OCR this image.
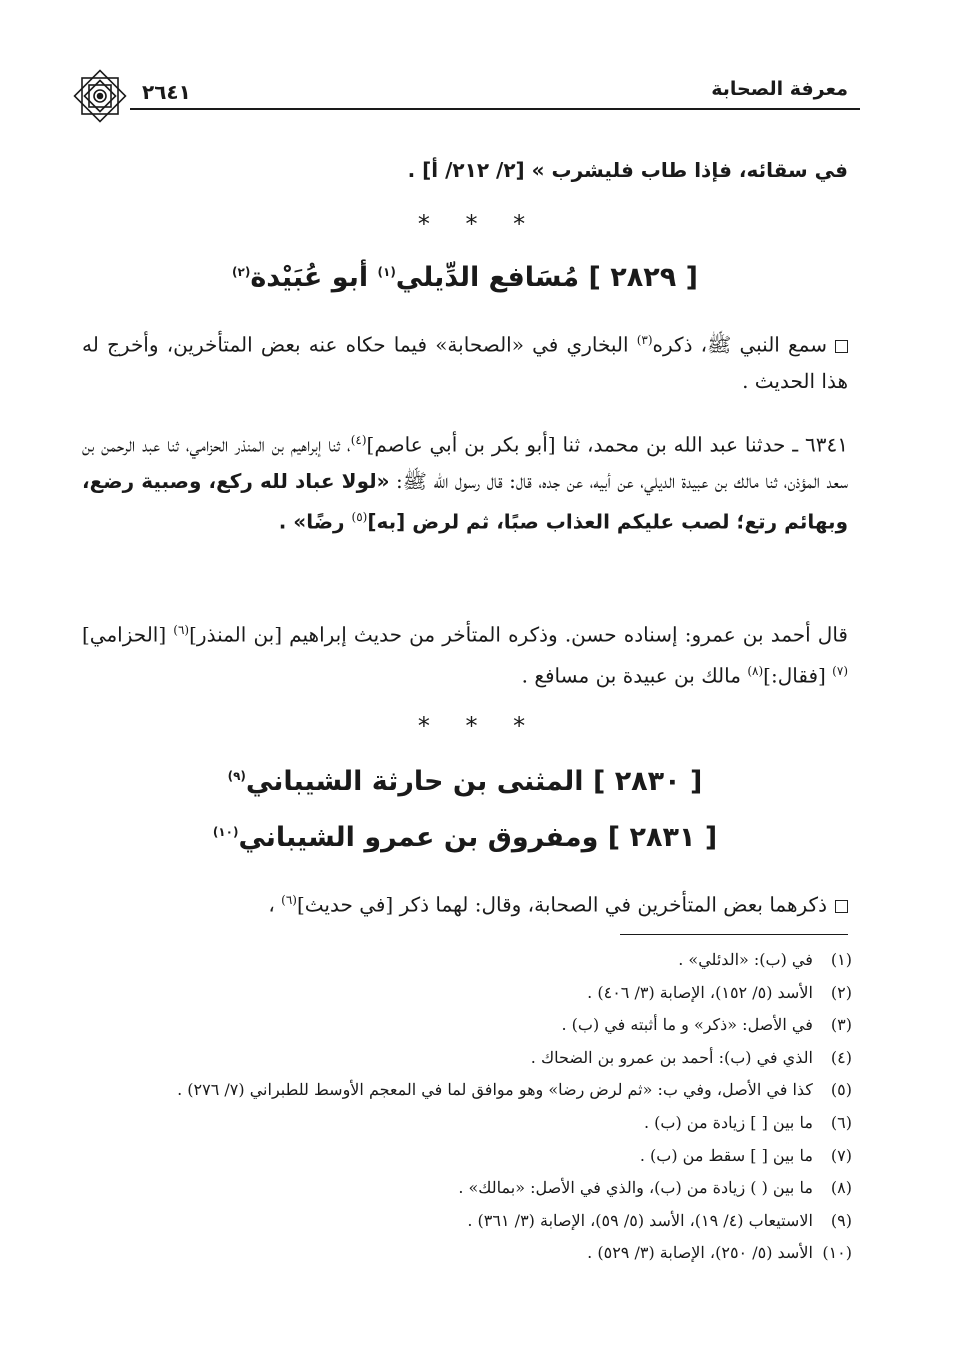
٢٦٤١	معرفة الصحابة
في سقائه، فإذا طاب فليشرب » [٢/ ٢١٢/ أ] .
* * *
[ ٢٨٢٩ ] مُسَافع الدِّيلي$^{(١)}$ أبو عُبَيْدة$^{(٢)}$
سمع النبي ﷺ، ذكره$^{(٣)}$ البخاري في «الصحابة» فيما حكاه عنه بعض المتأخرين، وأخرج له هذا الحديث .
٦٣٤١ ـ حدثنا عبد الله بن محمد، ثنا [أبو بكر بن أبي عاصم]$^{(٤)}$، ثنا إبراهيم بن المنذر الحزامي، ثنا عبد الرحمن بن سعد المؤذن، ثنا مالك بن عبيدة الديلي، عن أبيه، عن جده، قال: قال رسول الله ﷺ: «لولا عباد لله ركع، وصبية رضع، وبهائم رتع؛ لصب عليكم العذاب صبًا، ثم لرض [به]$^{(٥)}$ رضًا» .
قال أحمد بن عمرو: إسناده حسن. وذكره المتأخر من حديث إبراهيم [بن المنذر]$^{(٦)}$ [الحزامي]$^{(٧)}$ [فقال:]$^{(٨)}$ مالك بن عبيدة بن مسافع .
* * *
[ ٢٨٣٠ ] المثنى بن حارثة الشيباني$^{(٩)}$
[ ٢٨٣١ ] ومفروق بن عمرو الشيباني$^{(١٠)}$
ذكرهما بعض المتأخرين في الصحابة، وقال: لهما ذكر [في حديث]$^{(٦)}$ ،
(١) في (ب): «الدئلي» .
(٢) الأسد (٥/ ١٥٢)، الإصابة (٣/ ٤٠٦) .
(٣) في الأصل: «ذكر» و ما أثبته في (ب) .
(٤) الذي في (ب): أحمد بن عمرو بن الضحاك .
(٥) كذا في الأصل، وفي ب: «ثم لرض رضا» وهو موافق لما في المعجم الأوسط للطبراني (٧/ ٢٧٦) .
(٦) ما بين [ ] زيادة من (ب) .
(٧) ما بين [ ] سقط من (ب) .
(٨) ما بين ( ) زيادة من (ب)، والذي في الأصل: «بمالك» .
(٩) الاستيعاب (٤/ ١٩)، الأسد (٥/ ٥٩)، الإصابة (٣/ ٣٦١) .
(١٠) الأسد (٥/ ٢٥٠)، الإصابة (٣/ ٥٢٩) .
